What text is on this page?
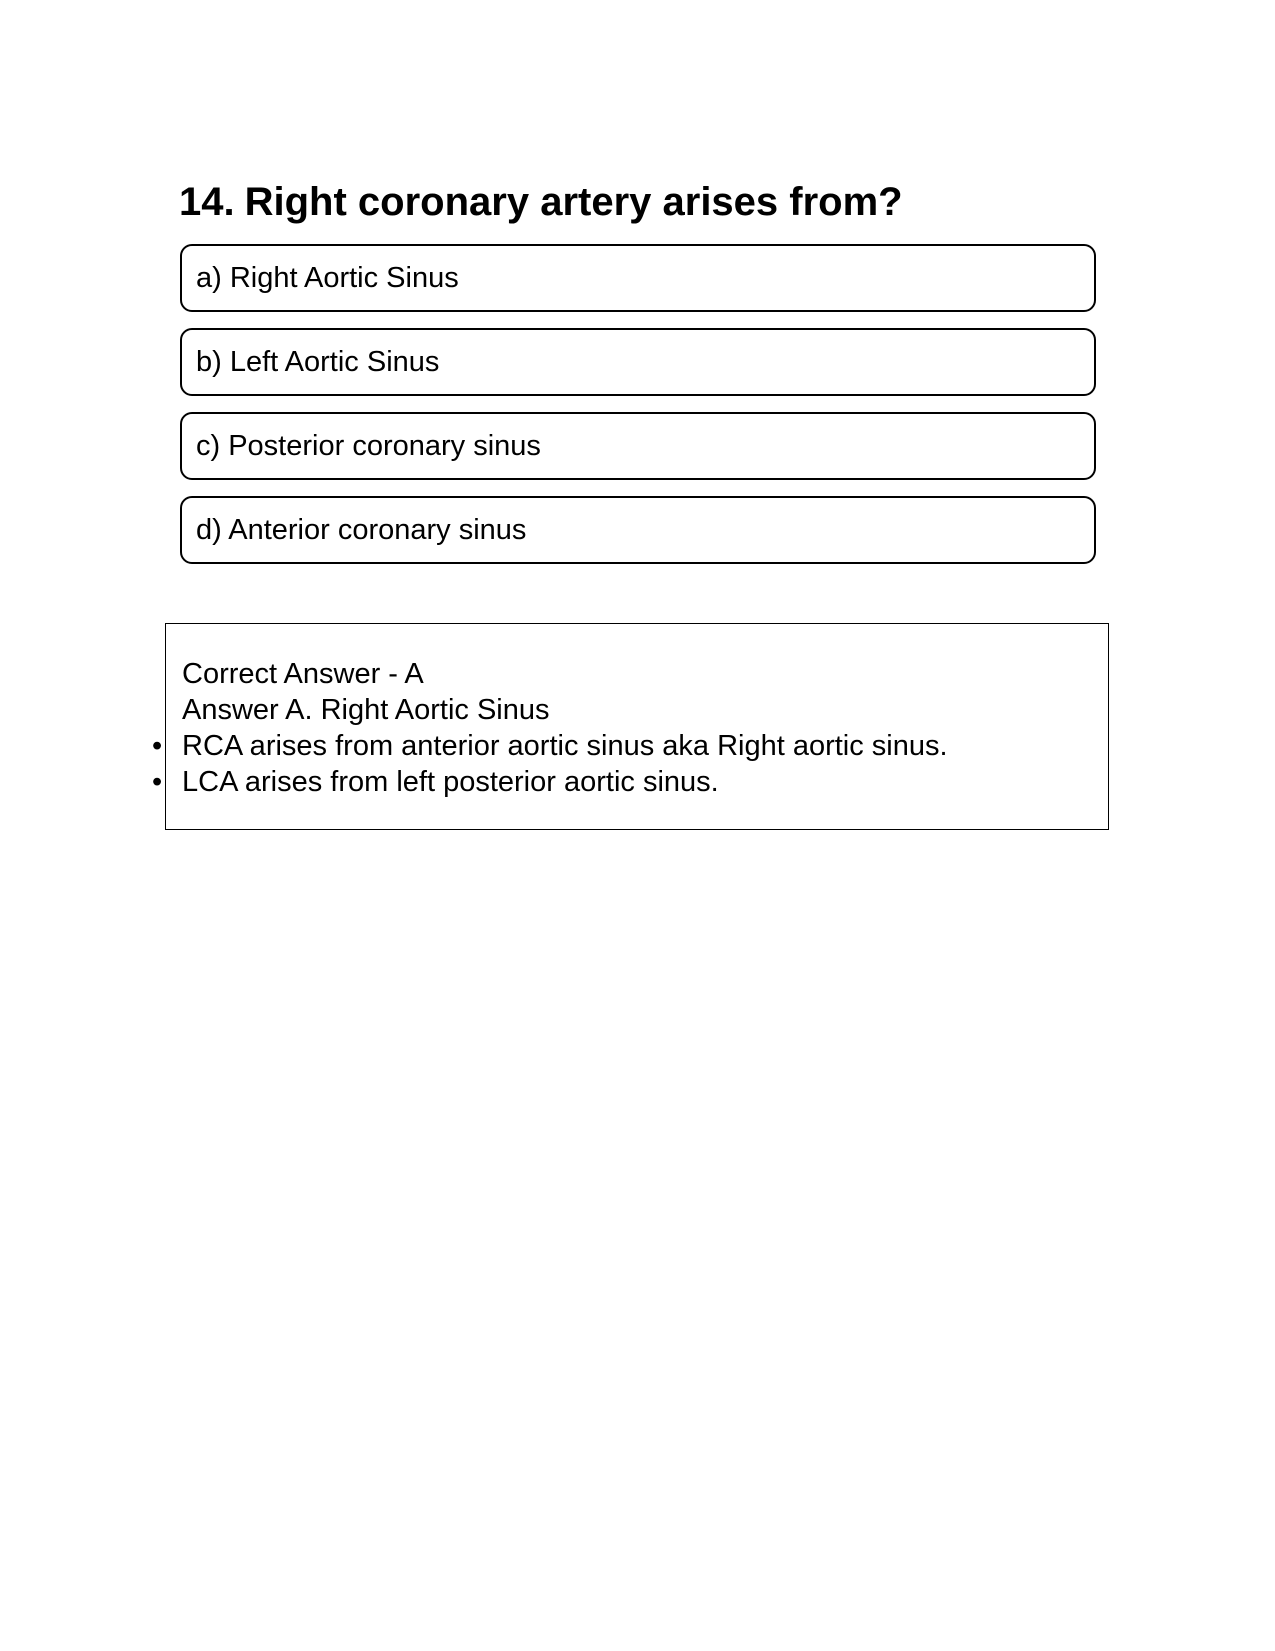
14. Right coronary artery arises from?
a) Right Aortic Sinus
b) Left Aortic Sinus
c) Posterior coronary sinus
d) Anterior coronary sinus
Correct Answer - A
Answer A. Right Aortic Sinus
• RCA arises from anterior aortic sinus aka Right aortic sinus.
• LCA arises from left posterior aortic sinus.
